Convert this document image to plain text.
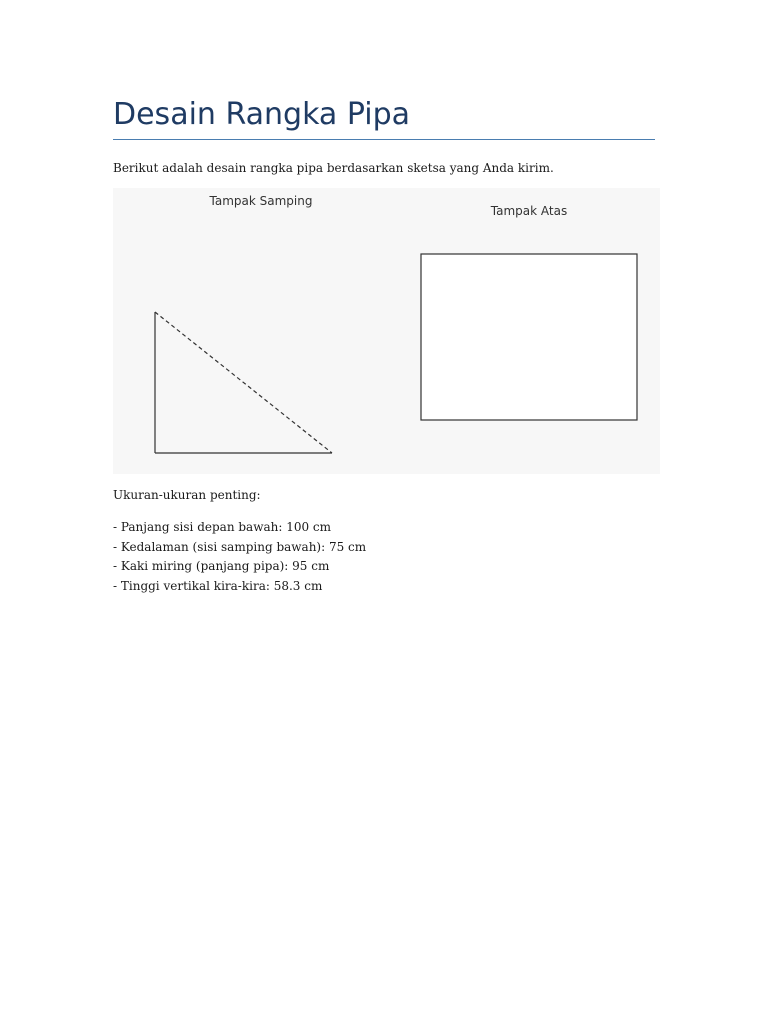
Desain Rangka Pipa

Berikut adalah desain rangka pipa berdasarkan sketsa yang Anda kirim.

Tampak Samping
Tampak Atas

Ukuran-ukuran penting:

- Panjang sisi depan bawah: 100 cm
- Kedalaman (sisi samping bawah): 75 cm
- Kaki miring (panjang pipa): 95 cm
- Tinggi vertikal kira-kira: 58.3 cm
